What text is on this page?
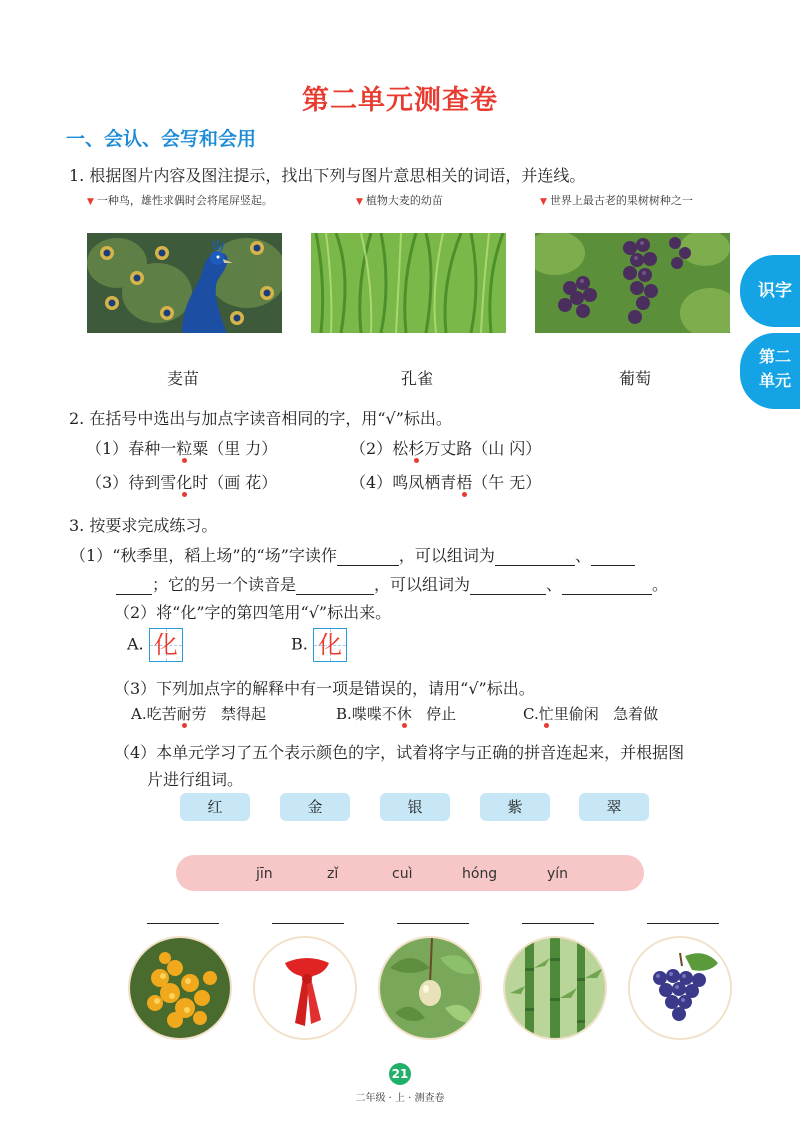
第二单元测查卷
一、会认、会写和会用
1. 根据图片内容及图注提示，找出下列与图片意思相关的词语，并连线。
▼ 一种鸟，雄性求偶时会将尾屏竖起。	▼ 植物大麦的幼苗	▼ 世界上最古老的果树树种之一
麦苗	孔雀	葡萄
识字
第二
单元
2. 在括号中选出与加点字读音相同的字，用“√”标出。
（1）春种一粒粟（里 力）	（2）松杉万丈路（山 闪）
（3）待到雪化时（画 花）	（4）鸣凤栖青梧（午 无）
3. 按要求完成练习。
（1）“秋季里，稻上场”的“场”字读作	，可以组词为	、
；它的另一个读音是	，可以组词为	、	。
（2）将“化”字的第四笔用“√”标出来。
A. 化	B. 化
（3）下列加点字的解释中有一项是错误的，请用“√”标出。
A.吃苦耐劳 禁得起	B.喋喋不休 停止	C.忙里偷闲 急着做
（4）本单元学习了五个表示颜色的字，试着将字与正确的拼音连起来，并根据图
片进行组词。
红	金	银	紫	翠
jīn	zǐ	cuì	hóng	yín
21
二年级 · 上 · 测查卷
